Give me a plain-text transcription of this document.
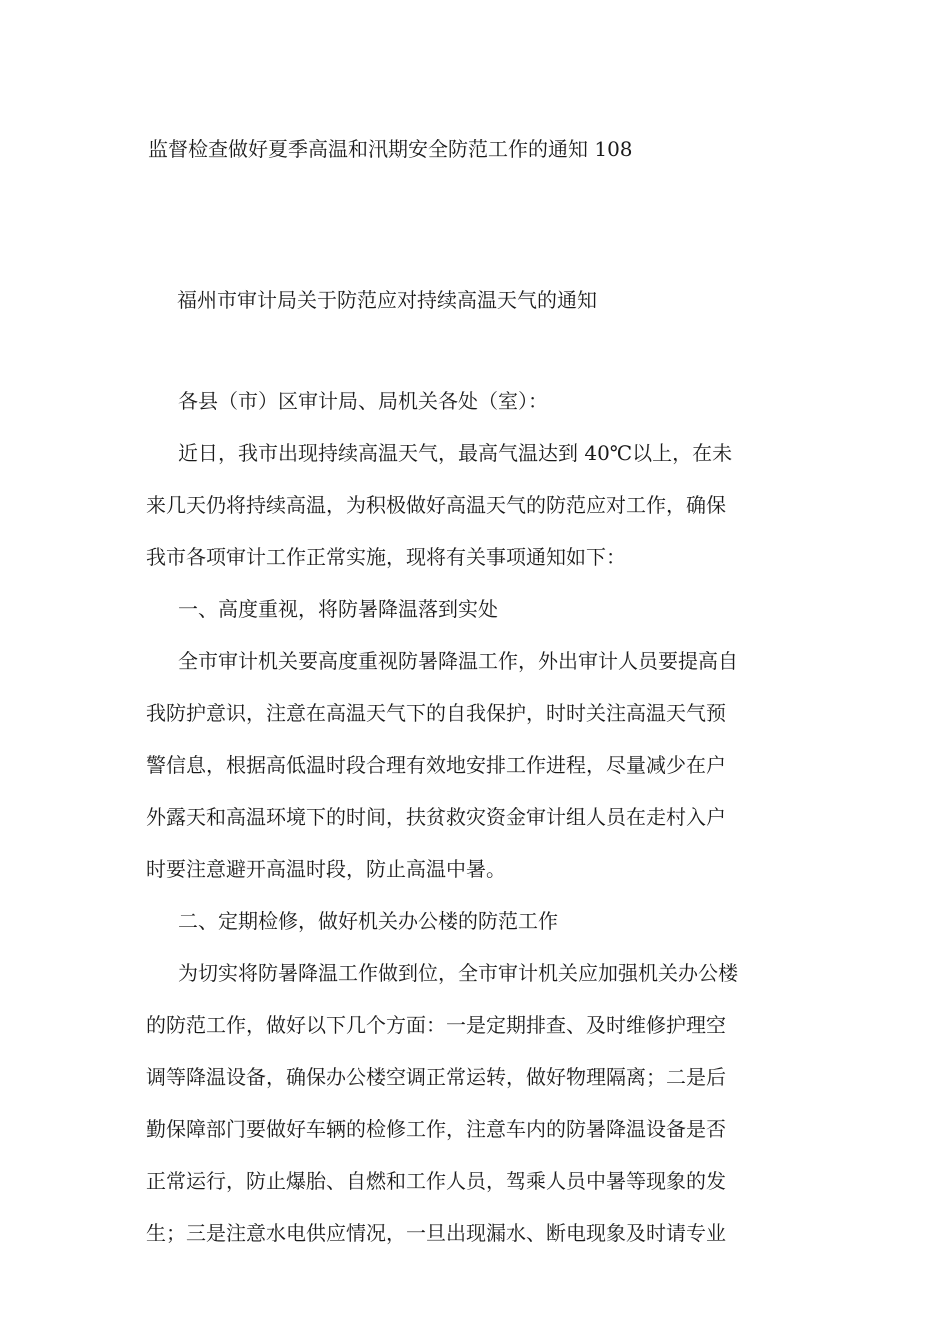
监督检查做好夏季高温和汛期安全防范工作的通知 108
福州市审计局关于防范应对持续高温天气的通知
各县（市）区审计局、局机关各处（室）：
近日，我市出现持续高温天气，最高气温达到 40℃以上，在未
来几天仍将持续高温，为积极做好高温天气的防范应对工作，确保
我市各项审计工作正常实施，现将有关事项通知如下：
一、高度重视，将防暑降温落到实处
全市审计机关要高度重视防暑降温工作，外出审计人员要提高自
我防护意识，注意在高温天气下的自我保护，时时关注高温天气预
警信息，根据高低温时段合理有效地安排工作进程，尽量减少在户
外露天和高温环境下的时间，扶贫救灾资金审计组人员在走村入户
时要注意避开高温时段，防止高温中暑。
二、定期检修，做好机关办公楼的防范工作
为切实将防暑降温工作做到位，全市审计机关应加强机关办公楼
的防范工作，做好以下几个方面：一是定期排查、及时维修护理空
调等降温设备，确保办公楼空调正常运转，做好物理隔离；二是后
勤保障部门要做好车辆的检修工作，注意车内的防暑降温设备是否
正常运行，防止爆胎、自燃和工作人员，驾乘人员中暑等现象的发
生；三是注意水电供应情况，一旦出现漏水、断电现象及时请专业
